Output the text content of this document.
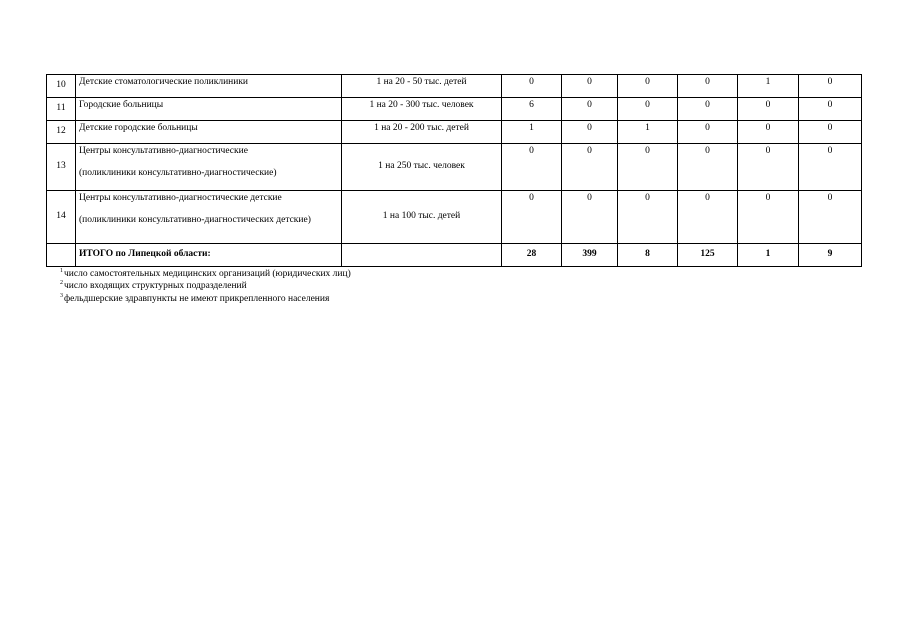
10	Детские стоматологические поликлиники	1 на 20 - 50 тыс. детей	0	0	0	0	1	0
11	Городские больницы	1 на 20 - 300 тыс. человек	6	0	0	0	0	0
12	Детские городские больницы	1 на 20 - 200 тыс. детей	1	0	1	0	0	0
13	Центры консультативно-диагностические
(поликлиники консультативно-диагностические)	1 на 250 тыс. человек	0	0	0	0	0	0
14	Центры консультативно-диагностические детские
(поликлиники консультативно-диагностических детские)	1 на 100 тыс. детей	0	0	0	0	0	0
	ИТОГО по Липецкой области:		28	399	8	125	1	9
$^1$число самостоятельных медицинских организаций (юридических лиц)
$^2$число входящих структурных подразделений
$^3$фельдшерские здравпункты не имеют прикрепленного населения
